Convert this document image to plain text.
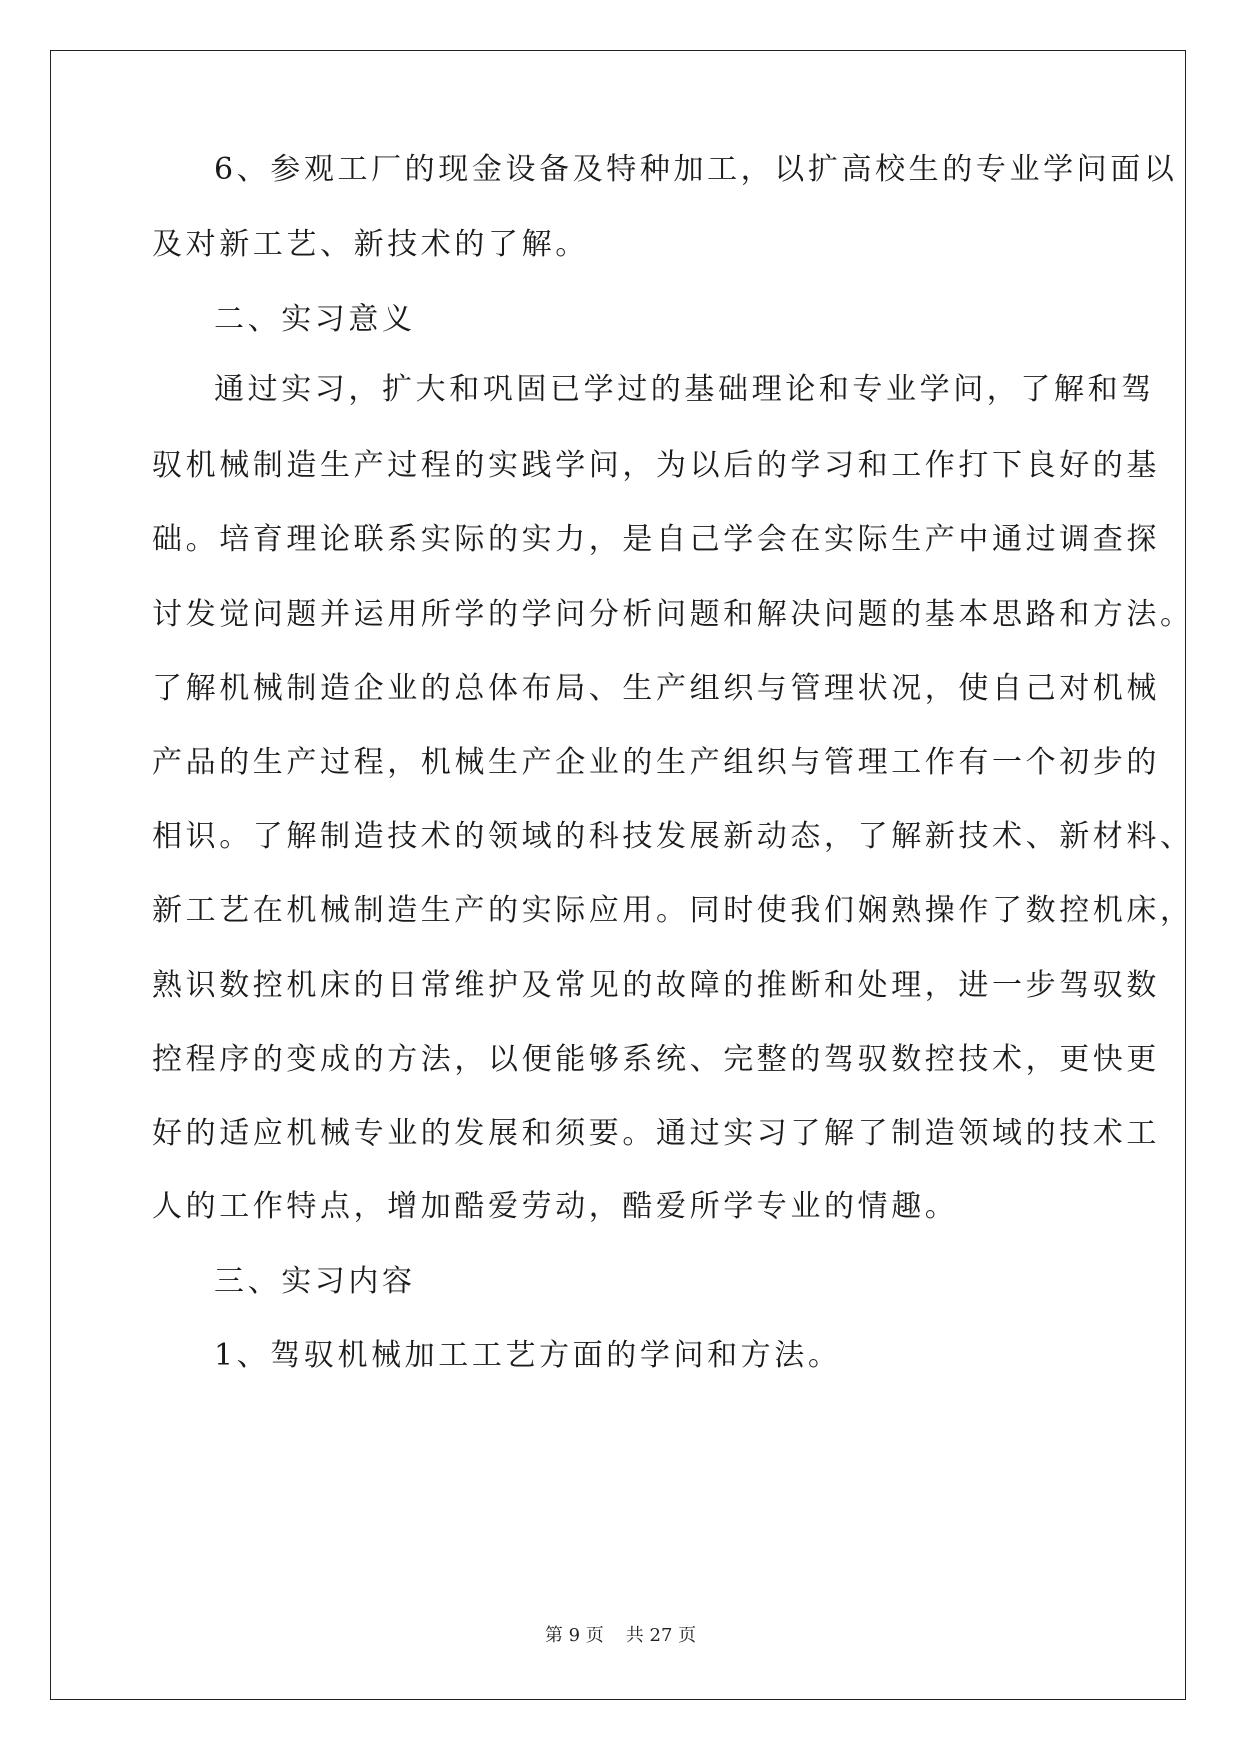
6、参观工厂的现金设备及特种加工，以扩高校生的专业学问面以
及对新工艺、新技术的了解。
二、实习意义
通过实习，扩大和巩固已学过的基础理论和专业学问，了解和驾
驭机械制造生产过程的实践学问，为以后的学习和工作打下良好的基
础。培育理论联系实际的实力，是自己学会在实际生产中通过调查探
讨发觉问题并运用所学的学问分析问题和解决问题的基本思路和方法。
了解机械制造企业的总体布局、生产组织与管理状况，使自己对机械
产品的生产过程，机械生产企业的生产组织与管理工作有一个初步的
相识。了解制造技术的领域的科技发展新动态，了解新技术、新材料、
新工艺在机械制造生产的实际应用。同时使我们娴熟操作了数控机床，
熟识数控机床的日常维护及常见的故障的推断和处理，进一步驾驭数
控程序的变成的方法，以便能够系统、完整的驾驭数控技术，更快更
好的适应机械专业的发展和须要。通过实习了解了制造领域的技术工
人的工作特点，增加酷爱劳动，酷爱所学专业的情趣。
三、实习内容
1、驾驭机械加工工艺方面的学问和方法。
第 9 页 共 27 页
